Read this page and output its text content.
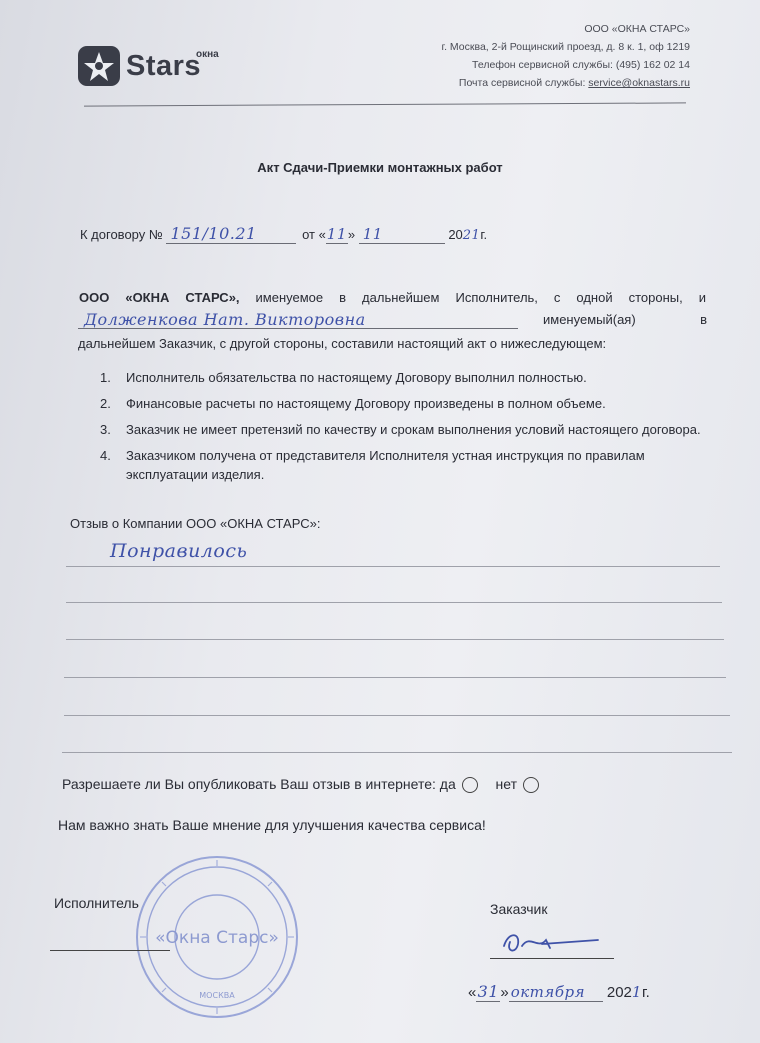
окна
Stars
ООО «ОКНА СТАРС»
г. Москва, 2-й Рощинский проезд, д. 8 к. 1, оф 1219
Телефон сервисной службы: (495) 162 02 14
Почта сервисной службы: service@oknastars.ru
Акт Сдачи-Приемки монтажных работ
К договору № 151/10.21	от «11» 11	2021г.
ООО «ОКНА СТАРС», именуемое в дальнейшем Исполнитель, с одной стороны, и
Долженкова Нат. Викторовна	именуемый(ая)	в
дальнейшем Заказчик, с другой стороны, составили настоящий акт о нижеследующем:
1. Исполнитель обязательства по настоящему Договору выполнил полностью.
2. Финансовые расчеты по настоящему Договору произведены в полном объеме.
3. Заказчик не имеет претензий по качеству и срокам выполнения условий настоящего договора.
4. Заказчиком получена от представителя Исполнителя устная инструкция по правилам эксплуатации изделия.
Отзыв о Компании ООО «ОКНА СТАРС»:
Понравилось
Разрешаете ли Вы опубликовать Ваш отзыв в интернете: да	нет
Нам важно знать Ваше мнение для улучшения качества сервиса!
«Окна Старс»
МОСКВА
Исполнитель	Заказчик
«31» октября 2021г.
